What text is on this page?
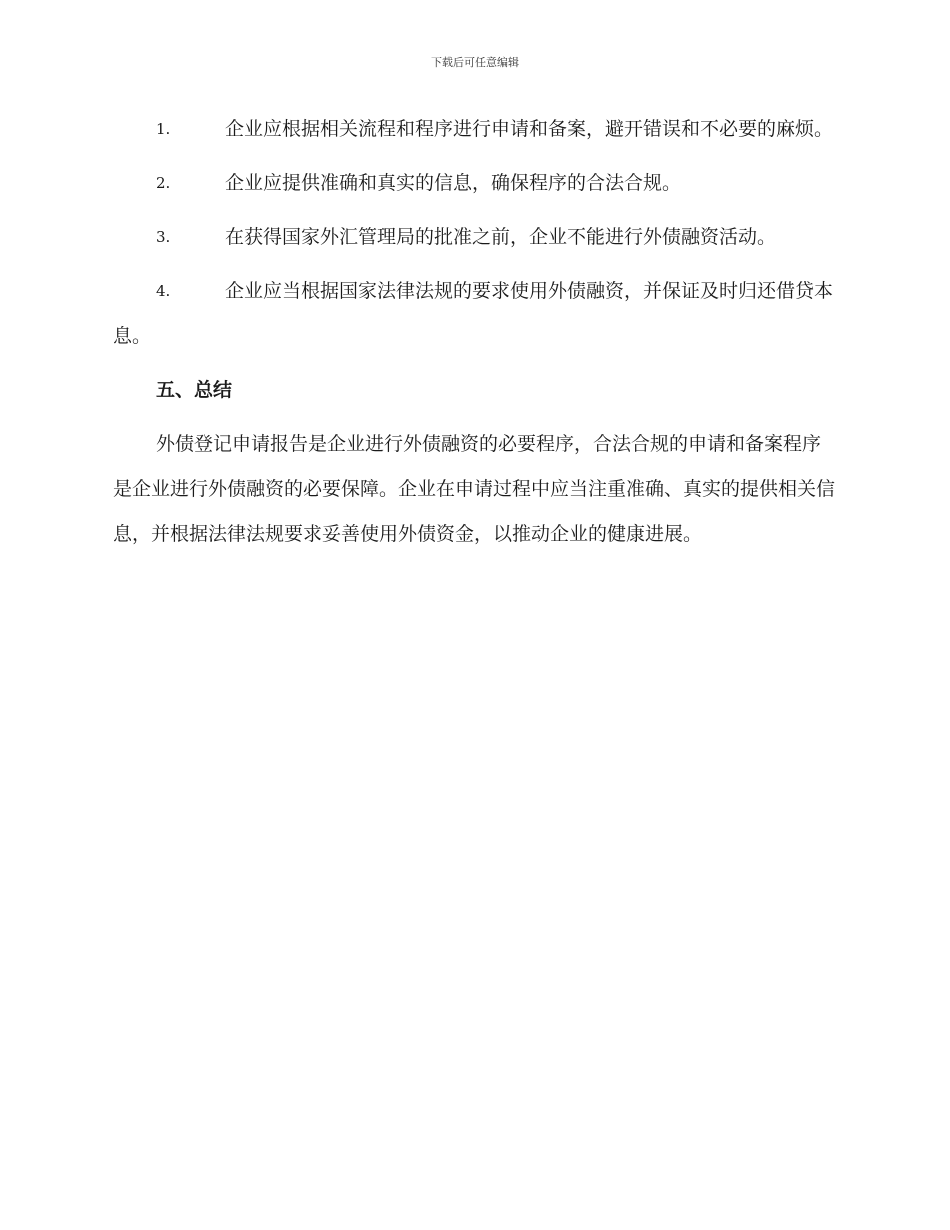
下载后可任意编辑
1.	企业应根据相关流程和程序进行申请和备案，避开错误和不必要的麻烦。
2.	企业应提供准确和真实的信息，确保程序的合法合规。
3.	在获得国家外汇管理局的批准之前，企业不能进行外债融资活动。
4.	企业应当根据国家法律法规的要求使用外债融资，并保证及时归还借贷本息。
五、总结

外债登记申请报告是企业进行外债融资的必要程序，合法合规的申请和备案程序是企业进行外债融资的必要保障。企业在申请过程中应当注重准确、真实的提供相关信息，并根据法律法规要求妥善使用外债资金，以推动企业的健康进展。
